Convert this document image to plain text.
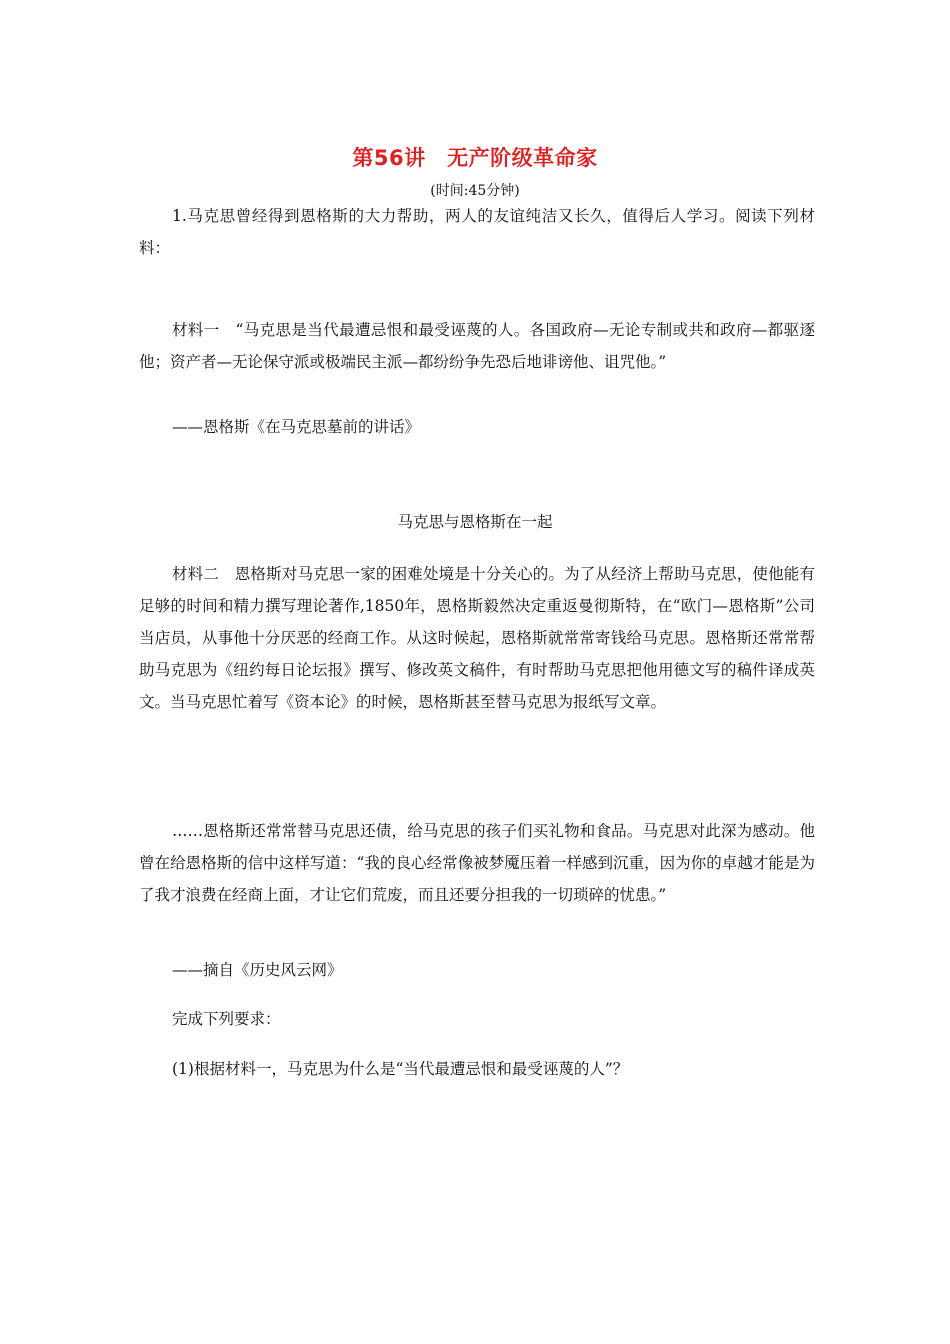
第56讲　无产阶级革命家
(时间:45分钟)

1.马克思曾经得到恩格斯的大力帮助，两人的友谊纯洁又长久，值得后人学习。阅读下列材料：

材料一　“马克思是当代最遭忌恨和最受诬蔑的人。各国政府—无论专制或共和政府—都驱逐他；资产者—无论保守派或极端民主派—都纷纷争先恐后地诽谤他、诅咒他。”

——恩格斯《在马克思墓前的讲话》
马克思与恩格斯在一起

材料二　恩格斯对马克思一家的困难处境是十分关心的。为了从经济上帮助马克思，使他能有足够的时间和精力撰写理论著作,1850年，恩格斯毅然决定重返曼彻斯特，在“欧门—恩格斯”公司当店员，从事他十分厌恶的经商工作。从这时候起，恩格斯就常常寄钱给马克思。恩格斯还常常帮助马克思为《纽约每日论坛报》撰写、修改英文稿件，有时帮助马克思把他用德文写的稿件译成英文。当马克思忙着写《资本论》的时候，恩格斯甚至替马克思为报纸写文章。

……恩格斯还常常替马克思还债，给马克思的孩子们买礼物和食品。马克思对此深为感动。他曾在给恩格斯的信中这样写道：“我的良心经常像被梦魇压着一样感到沉重，因为你的卓越才能是为了我才浪费在经商上面，才让它们荒废，而且还要分担我的一切琐碎的忧患。”

——摘自《历史风云网》
完成下列要求：
(1)根据材料一，马克思为什么是“当代最遭忌恨和最受诬蔑的人”？
